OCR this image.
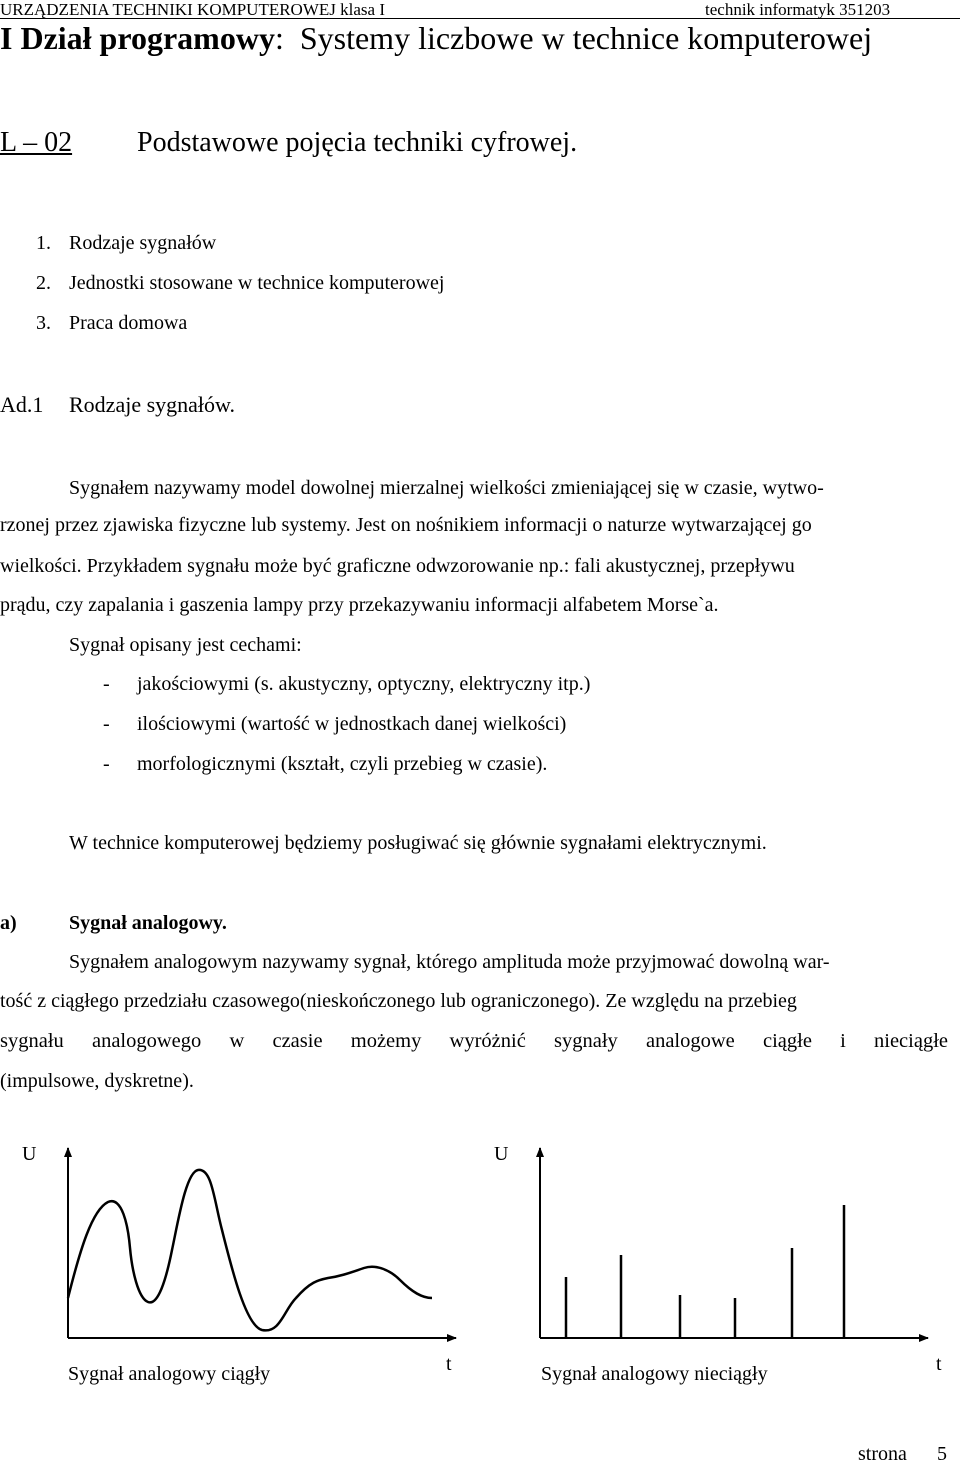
URZĄDZENIA TECHNIKI KOMPUTEROWEJ klasa I	technik informatyk 351203
I Dział programowy: Systemy liczbowe w technice komputerowej
L – 02 Podstawowe pojęcia techniki cyfrowej.
1. Rodzaje sygnałów
2. Jednostki stosowane w technice komputerowej
3. Praca domowa
Ad.1 Rodzaje sygnałów.
Sygnałem nazywamy model dowolnej mierzalnej wielkości zmieniającej się w czasie, wytwo-
rzonej przez zjawiska fizyczne lub systemy. Jest on nośnikiem informacji o naturze wytwarzającej go
wielkości. Przykładem sygnału może być graficzne odwzorowanie np.: fali akustycznej, przepływu
prądu, czy zapalania i gaszenia lampy przy przekazywaniu informacji alfabetem Morse`a.
Sygnał opisany jest cechami:
- jakościowymi (s. akustyczny, optyczny, elektryczny itp.)
- ilościowymi (wartość w jednostkach danej wielkości)
- morfologicznymi (kształt, czyli przebieg w czasie).
W technice komputerowej będziemy posługiwać się głównie sygnałami elektrycznymi.
a)	Sygnał analogowy.
Sygnałem analogowym nazywamy sygnał, którego amplituda może przyjmować dowolną war-
tość z ciągłego przedziału czasowego(nieskończonego lub ograniczonego). Ze względu na przebieg
sygnału analogowego w czasie możemy wyróżnić sygnały analogowe ciągłe i nieciągłe
(impulsowe, dyskretne).
U
t
Sygnał analogowy ciągły
U
t
Sygnał analogowy nieciągły
strona 5
